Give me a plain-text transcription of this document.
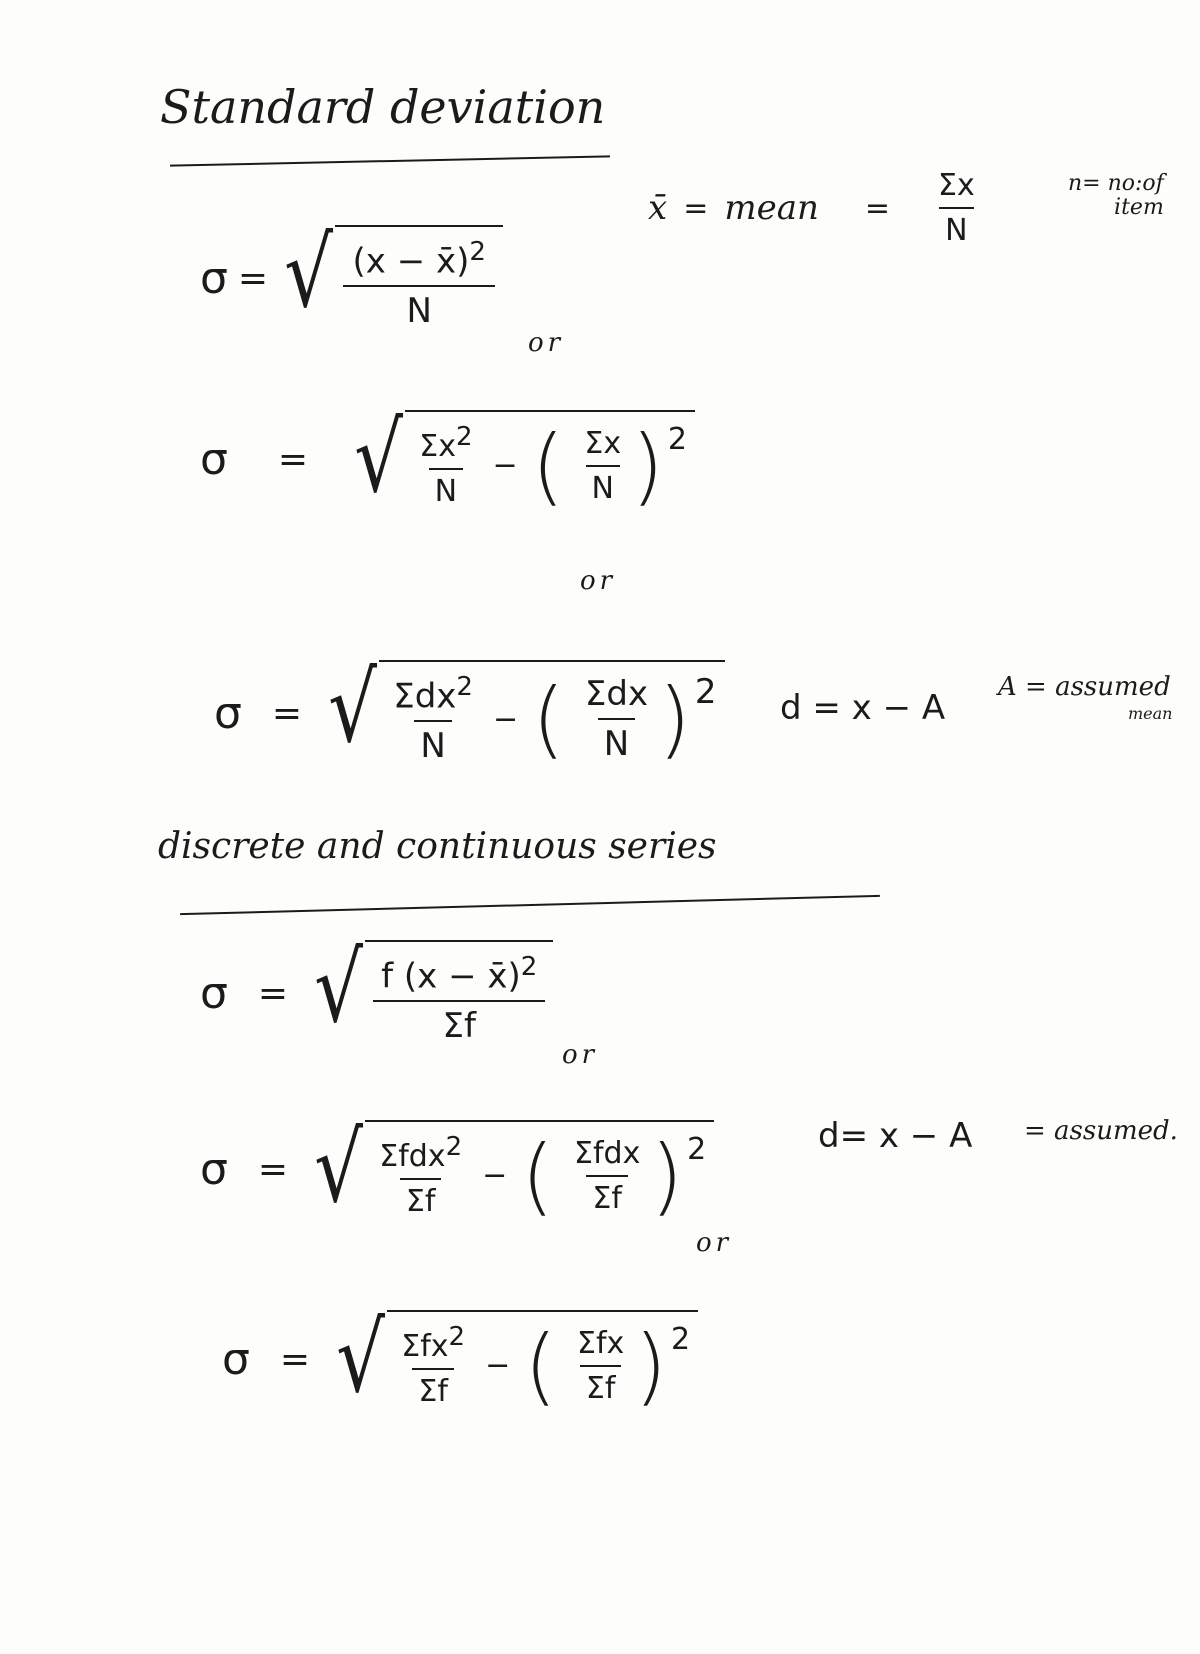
Standard deviation
x̄ = mean = $\frac{\Sigma x}{N}$	n= no:of
item
σ = √ $\frac{(x - x̄)^2}{N}$
or
σ = √ $\frac{\Sigma x2}{N}$ − ( $\frac{\Sigma x}{N}$ ) 2
or
σ = √ $\frac{\Sigma dx^2}{N}$ − ( $\frac{\text{Σdx}}{N}$ ) 2 d = x − A
A = assumed
mean
discrete and continuous series
σ = √ $\frac{f (x - x̄)^2}{\Sigma f}$
or
σ = √ $\frac{\text{Σfdx2}}{\Sigma f}$ − ( $\frac{\text{Σfdx}}{\Sigma f}$ ) 2	d= x − A = assumed.
or
σ = √ $\frac{\text{Σfx2}}{\Sigma f}$ − ( $\frac{\text{Σfx}}{\Sigma f}$ ) 2
